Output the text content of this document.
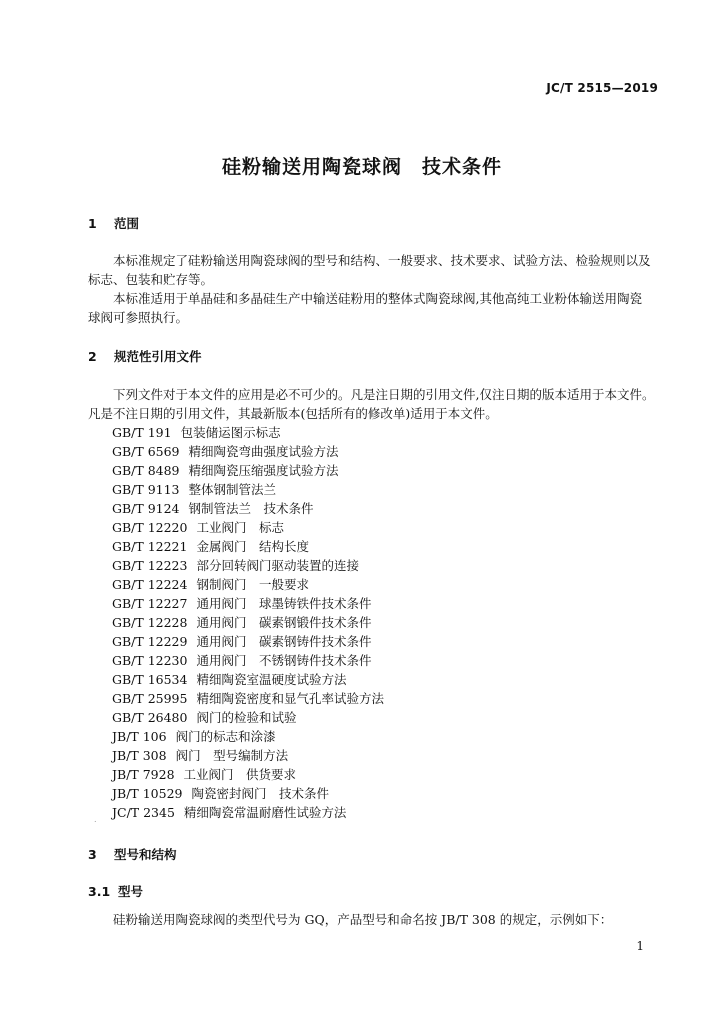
JC/T 2515—2019
硅粉输送用陶瓷球阀　技术条件
1 范围
本标准规定了硅粉输送用陶瓷球阀的型号和结构、一般要求、技术要求、试验方法、检验规则以及
标志、包装和贮存等。
本标准适用于单晶硅和多晶硅生产中输送硅粉用的整体式陶瓷球阀,其他高纯工业粉体输送用陶瓷
球阀可参照执行。
2 规范性引用文件
下列文件对于本文件的应用是必不可少的。凡是注日期的引用文件,仅注日期的版本适用于本文件。
凡是不注日期的引用文件，其最新版本(包括所有的修改单)适用于本文件。
GB/T 191 包装储运图示标志
GB/T 6569 精细陶瓷弯曲强度试验方法
GB/T 8489 精细陶瓷压缩强度试验方法
GB/T 9113 整体钢制管法兰
GB/T 9124 钢制管法兰　技术条件
GB/T 12220 工业阀门　标志
GB/T 12221 金属阀门　结构长度
GB/T 12223 部分回转阀门驱动装置的连接
GB/T 12224 钢制阀门　一般要求
GB/T 12227 通用阀门　球墨铸铁件技术条件
GB/T 12228 通用阀门　碳素钢锻件技术条件
GB/T 12229 通用阀门　碳素钢铸件技术条件
GB/T 12230 通用阀门　不锈钢铸件技术条件
GB/T 16534 精细陶瓷室温硬度试验方法
GB/T 25995 精细陶瓷密度和显气孔率试验方法
GB/T 26480 阀门的检验和试验
JB/T 106 阀门的标志和涂漆
JB/T 308 阀门　型号编制方法
JB/T 7928 工业阀门　供货要求
JB/T 10529 陶瓷密封阀门　技术条件
JC/T 2345 精细陶瓷常温耐磨性试验方法
.
3 型号和结构
3.1 型号
硅粉输送用陶瓷球阀的类型代号为 GQ，产品型号和命名按 JB/T 308 的规定，示例如下：
1
